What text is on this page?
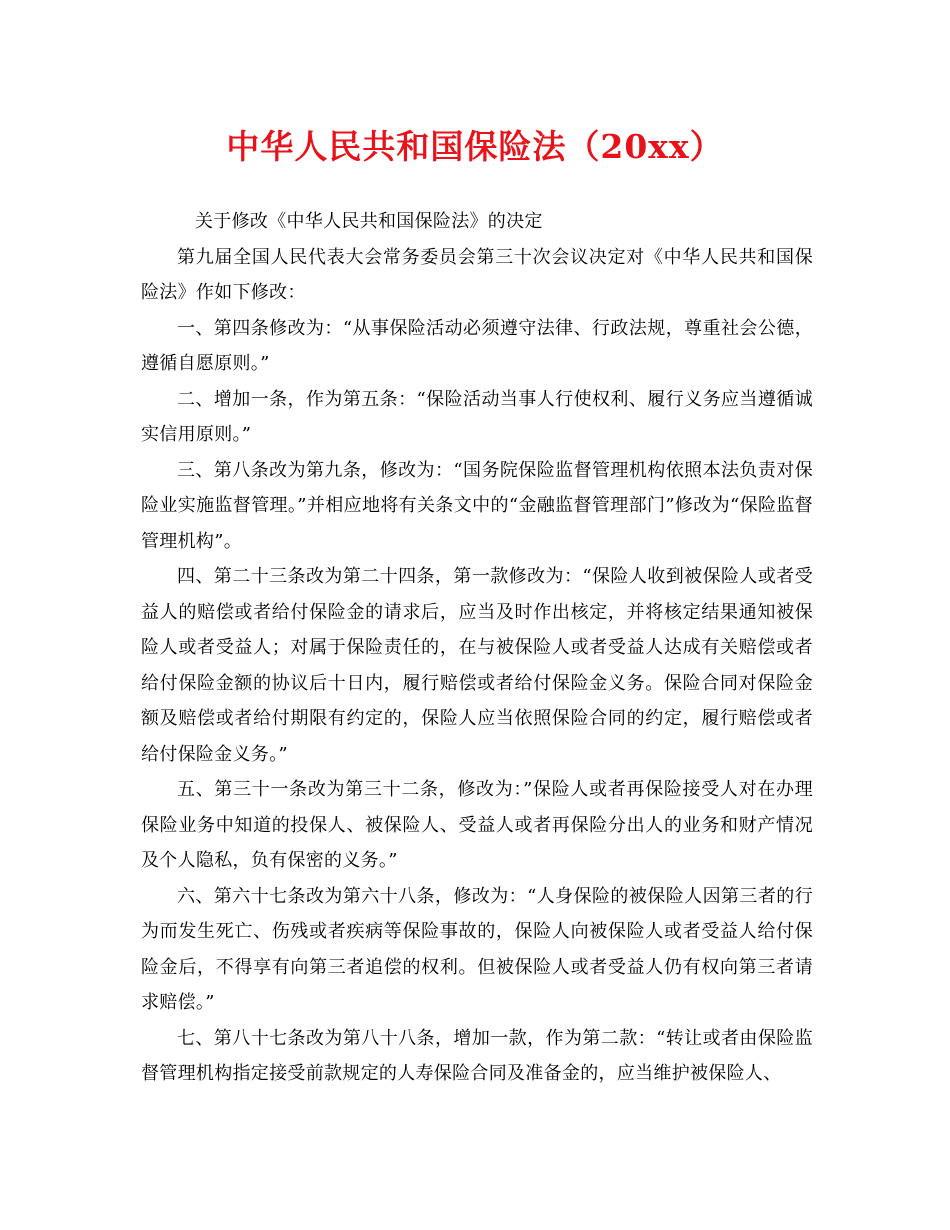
中华人民共和国保险法（20xx）

关于修改《中华人民共和国保险法》的决定

第九届全国人民代表大会常务委员会第三十次会议决定对《中华人民共和国保险法》作如下修改：

一、第四条修改为：“从事保险活动必须遵守法律、行政法规，尊重社会公德，遵循自愿原则。”

二、增加一条，作为第五条：“保险活动当事人行使权利、履行义务应当遵循诚实信用原则。”

三、第八条改为第九条，修改为：“国务院保险监督管理机构依照本法负责对保险业实施监督管理。”并相应地将有关条文中的“金融监督管理部门”修改为“保险监督管理机构”。

四、第二十三条改为第二十四条，第一款修改为：“保险人收到被保险人或者受益人的赔偿或者给付保险金的请求后，应当及时作出核定，并将核定结果通知被保险人或者受益人；对属于保险责任的，在与被保险人或者受益人达成有关赔偿或者给付保险金额的协议后十日内，履行赔偿或者给付保险金义务。保险合同对保险金额及赔偿或者给付期限有约定的，保险人应当依照保险合同的约定，履行赔偿或者给付保险金义务。”

五、第三十一条改为第三十二条，修改为：”保险人或者再保险接受人对在办理保险业务中知道的投保人、被保险人、受益人或者再保险分出人的业务和财产情况及个人隐私，负有保密的义务。”

六、第六十七条改为第六十八条，修改为：“人身保险的被保险人因第三者的行为而发生死亡、伤残或者疾病等保险事故的，保险人向被保险人或者受益人给付保险金后，不得享有向第三者追偿的权利。但被保险人或者受益人仍有权向第三者请求赔偿。”

七、第八十七条改为第八十八条，增加一款，作为第二款：“转让或者由保险监督管理机构指定接受前款规定的人寿保险合同及准备金的，应当维护被保险人、
